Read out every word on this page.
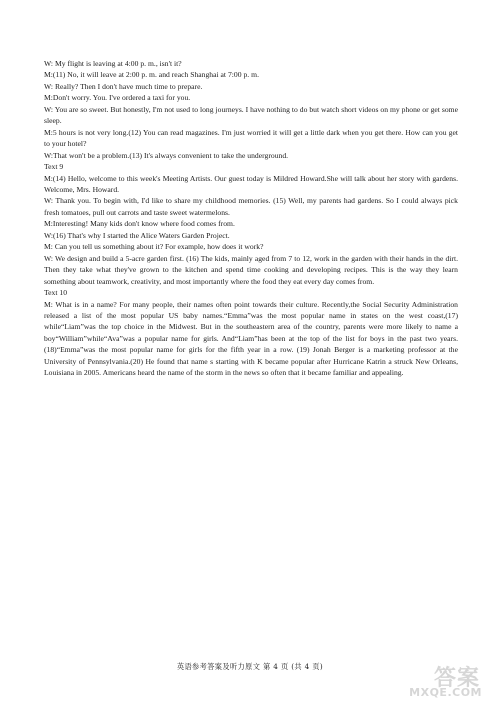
W: My flight is leaving at 4:00 p. m., isn't it?

M:(11) No, it will leave at 2:00 p. m. and reach Shanghai at 7:00 p. m.

W: Really? Then I don't have much time to prepare.

M:Don't worry. You. I've ordered a taxi for you.

W: You are so sweet. But honestly, I'm not used to long journeys. I have nothing to do but watch short videos on my phone or get some sleep.

M:5 hours is not very long.(12) You can read magazines. I'm just worried it will get a little dark when you get there. How can you get to your hotel?

W:That won't be a problem.(13) It's always convenient to take the underground.

Text 9

M:(14) Hello, welcome to this week's Meeting Artists. Our guest today is Mildred Howard.She will talk about her story with gardens. Welcome, Mrs. Howard.

W: Thank you. To begin with, I'd like to share my childhood memories. (15) Well, my parents had gardens. So I could always pick fresh tomatoes, pull out carrots and taste sweet watermelons.

M:Interesting! Many kids don't know where food comes from.

W:(16) That's why I started the Alice Waters Garden Project.

M: Can you tell us something about it? For example, how does it work?

W: We design and build a 5-acre garden first. (16) The kids, mainly aged from 7 to 12, work in the garden with their hands in the dirt. Then they take what they've grown to the kitchen and spend time cooking and developing recipes. This is the way they learn something about teamwork, creativity, and most importantly where the food they eat every day comes from.

Text 10

M: What is in a name? For many people, their names often point towards their culture. Recently,the Social Security Administration released a list of the most popular US baby names.“Emma”was the most popular name in states on the west coast,(17) while“Liam”was the top choice in the Midwest. But in the southeastern area of the country, parents were more likely to name a boy“William”while“Ava”was a popular name for girls. And“Liam”has been at the top of the list for boys in the past two years.(18)“Emma”was the most popular name for girls for the fifth year in a row. (19) Jonah Berger is a marketing professor at the University of Pennsylvania.(20) He found that name s starting with K became popular after Hurricane Katrin a struck New Orleans, Louisiana in 2005. Americans heard the name of the storm in the news so often that it became familiar and appealing.

英语参考答案及听力原文 第 4 页 (共 4 页)	答案
MXQE.COM
